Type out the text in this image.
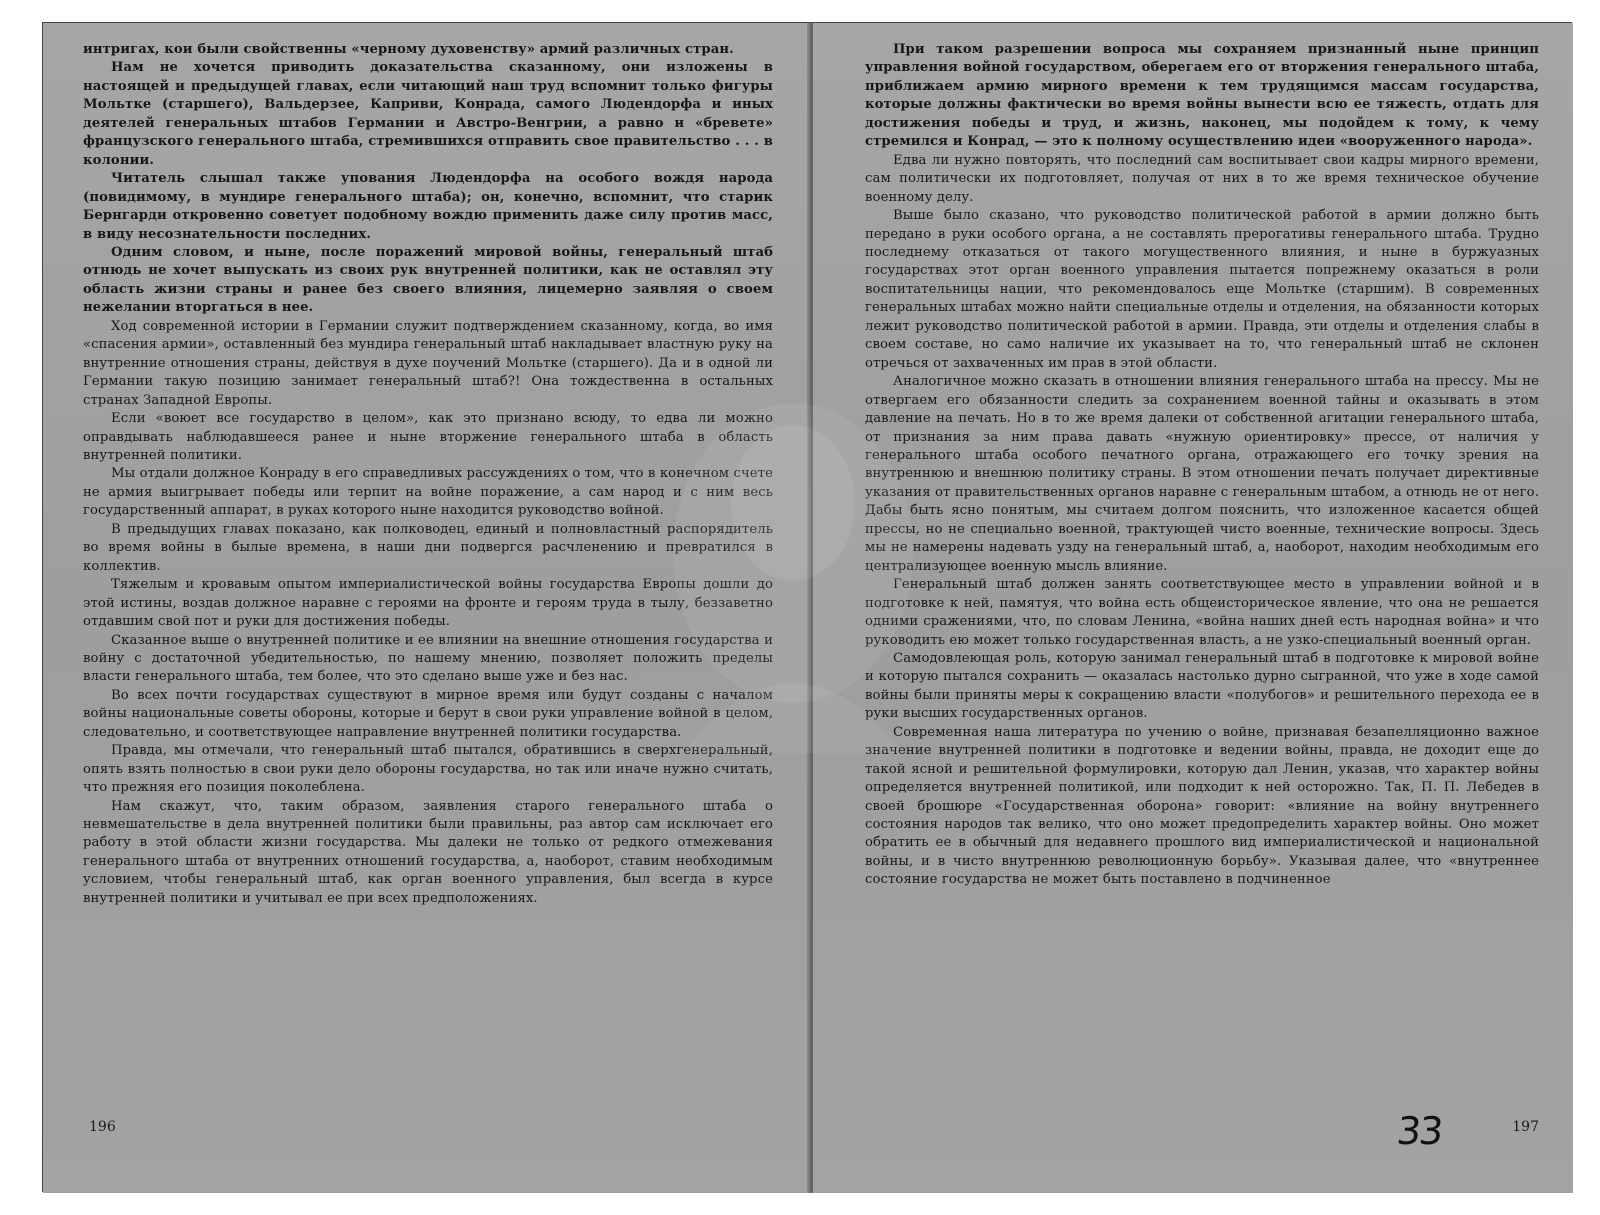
интригах, кои были свойственны «черному духовенству» армий различных стран.

Нам не хочется приводить доказательства сказанному, они изложены в настоящей и предыдущей главах, если читающий наш труд вспомнит только фигуры Мольтке (старшего), Вальдерзее, Каприви, Конрада, самого Людендорфа и иных деятелей генеральных штабов Германии и Австро-Венгрии, а равно и «бревете» французского генерального штаба, стремившихся отправить свое правительство . . . в колонии.

Читатель слышал также упования Людендорфа на особого вождя народа (повидимому, в мундире генерального штаба); он, конечно, вспомнит, что старик Бернгарди откровенно советует подобному вождю применить даже силу против масс, в виду несознательности последних.

Одним словом, и ныне, после поражений мировой войны, генеральный штаб отнюдь не хочет выпускать из своих рук внутренней политики, как не оставлял эту область жизни страны и ранее без своего влияния, лицемерно заявляя о своем нежелании вторгаться в нее.

Ход современной истории в Германии служит подтверждением сказанному, когда, во имя «спасения армии», оставленный без мундира генеральный штаб накладывает властную руку на внутренние отношения страны, действуя в духе поучений Мольтке (старшего). Да и в одной ли Германии такую позицию занимает генеральный штаб?! Она тождественна в остальных странах Западной Европы.

Если «воюет все государство в целом», как это признано всюду, то едва ли можно оправдывать наблюдавшееся ранее и ныне вторжение генерального штаба в область внутренней политики.

Мы отдали должное Конраду в его справедливых рассуждениях о том, что в конечном счете не армия выигрывает победы или терпит на войне поражение, а сам народ и с ним весь государственный аппарат, в руках которого ныне находится руководство войной.

В предыдущих главах показано, как полководец, единый и полновластный распорядитель во время войны в былые времена, в наши дни подвергся расчленению и превратился в коллектив.

Тяжелым и кровавым опытом империалистической войны государства Европы дошли до этой истины, воздав должное наравне с героями на фронте и героям труда в тылу, беззаветно отдавшим свой пот и руки для достижения победы.

Сказанное выше о внутренней политике и ее влиянии на внешние отношения государства и войну с достаточной убедительностью, по нашему мнению, позволяет положить пределы власти генерального штаба, тем более, что это сделано выше уже и без нас.

Во всех почти государствах существуют в мирное время или будут созданы с началом войны национальные советы обороны, которые и берут в свои руки управление войной в целом, следовательно, и соответствующее направление внутренней политики государства.

Правда, мы отмечали, что генеральный штаб пытался, обратившись в сверхгенеральный, опять взять полностью в свои руки дело обороны государства, но так или иначе нужно считать, что прежняя его позиция поколеблена.

Нам скажут, что, таким образом, заявления старого генерального штаба о невмешательстве в дела внутренней политики были правильны, раз автор сам исключает его работу в этой области жизни государства. Мы далеки не только от редкого отмежевания генерального штаба от внутренних отношений государства, а, наоборот, ставим необходимым условием, чтобы генеральный штаб, как орган военного управления, был всегда в курсе внутренней политики и учитывал ее при всех предположениях.

196

При таком разрешении вопроса мы сохраняем признанный ныне принцип управления войной государством, оберегаем его от вторжения генерального штаба, приближаем армию мирного времени к тем трудящимся массам государства, которые должны фактически во время войны вынести всю ее тяжесть, отдать для достижения победы и труд, и жизнь, наконец, мы подойдем к тому, к чему стремился и Конрад, — это к полному осуществлению идеи «вооруженного народа».

Едва ли нужно повторять, что последний сам воспитывает свои кадры мирного времени, сам политически их подготовляет, получая от них в то же время техническое обучение военному делу.

Выше было сказано, что руководство политической работой в армии должно быть передано в руки особого органа, а не составлять прерогативы генерального штаба. Трудно последнему отказаться от такого могущественного влияния, и ныне в буржуазных государствах этот орган военного управления пытается попрежнему оказаться в роли воспитательницы нации, что рекомендовалось еще Мольтке (старшим). В современных генеральных штабах можно найти специальные отделы и отделения, на обязанности которых лежит руководство политической работой в армии. Правда, эти отделы и отделения слабы в своем составе, но само наличие их указывает на то, что генеральный штаб не склонен отречься от захваченных им прав в этой области.

Аналогичное можно сказать в отношении влияния генерального штаба на прессу. Мы не отвергаем его обязанности следить за сохранением военной тайны и оказывать в этом давление на печать. Но в то же время далеки от собственной агитации генерального штаба, от признания за ним права давать «нужную ориентировку» прессе, от наличия у генерального штаба особого печатного органа, отражающего его точку зрения на внутреннюю и внешнюю политику страны. В этом отношении печать получает директивные указания от правительственных органов наравне с генеральным штабом, а отнюдь не от него. Дабы быть ясно понятым, мы считаем долгом пояснить, что изложенное касается общей прессы, но не специально военной, трактующей чисто военные, технические вопросы. Здесь мы не намерены надевать узду на генеральный штаб, а, наоборот, находим необходимым его централизующее военную мысль влияние.

Генеральный штаб должен занять соответствующее место в управлении войной и в подготовке к ней, памятуя, что война есть общеисторическое явление, что она не решается одними сражениями, что, по словам Ленина, «война наших дней есть народная война» и что руководить ею может только государственная власть, а не узко-специальный военный орган.

Самодовлеющая роль, которую занимал генеральный штаб в подготовке к мировой войне и которую пытался сохранить — оказалась настолько дурно сыгранной, что уже в ходе самой войны были приняты меры к сокращению власти «полубогов» и решительного перехода ее в руки высших государственных органов.

Современная наша литература по учению о войне, признавая безапелляционно важное значение внутренней политики в подготовке и ведении войны, правда, не доходит еще до такой ясной и решительной формулировки, которую дал Ленин, указав, что характер войны определяется внутренней политикой, или подходит к ней осторожно. Так, П. П. Лебедев в своей брошюре «Государственная оборона» говорит: «влияние на войну внутреннего состояния народов так велико, что оно может предопределить характер войны. Оно может обратить ее в обычный для недавнего прошлого вид империалистической и национальной войны, и в чисто внутреннюю революционную борьбу». Указывая далее, что «внутреннее состояние государства не может быть поставлено в подчиненное

197
33
